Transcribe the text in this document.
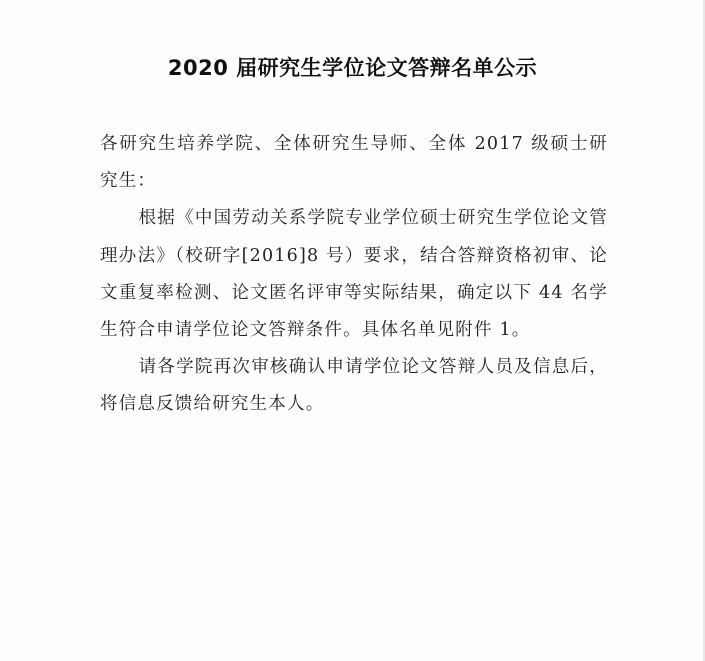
2020 届研究生学位论文答辩名单公示

各研究生培养学院、全体研究生导师、全体 2017 级硕士研究生：

根据《中国劳动关系学院专业学位硕士研究生学位论文管理办法》（校研字[2016]8 号）要求，结合答辩资格初审、论文重复率检测、论文匿名评审等实际结果，确定以下 44 名学生符合申请学位论文答辩条件。具体名单见附件 1。

请各学院再次审核确认申请学位论文答辩人员及信息后，将信息反馈给研究生本人。
